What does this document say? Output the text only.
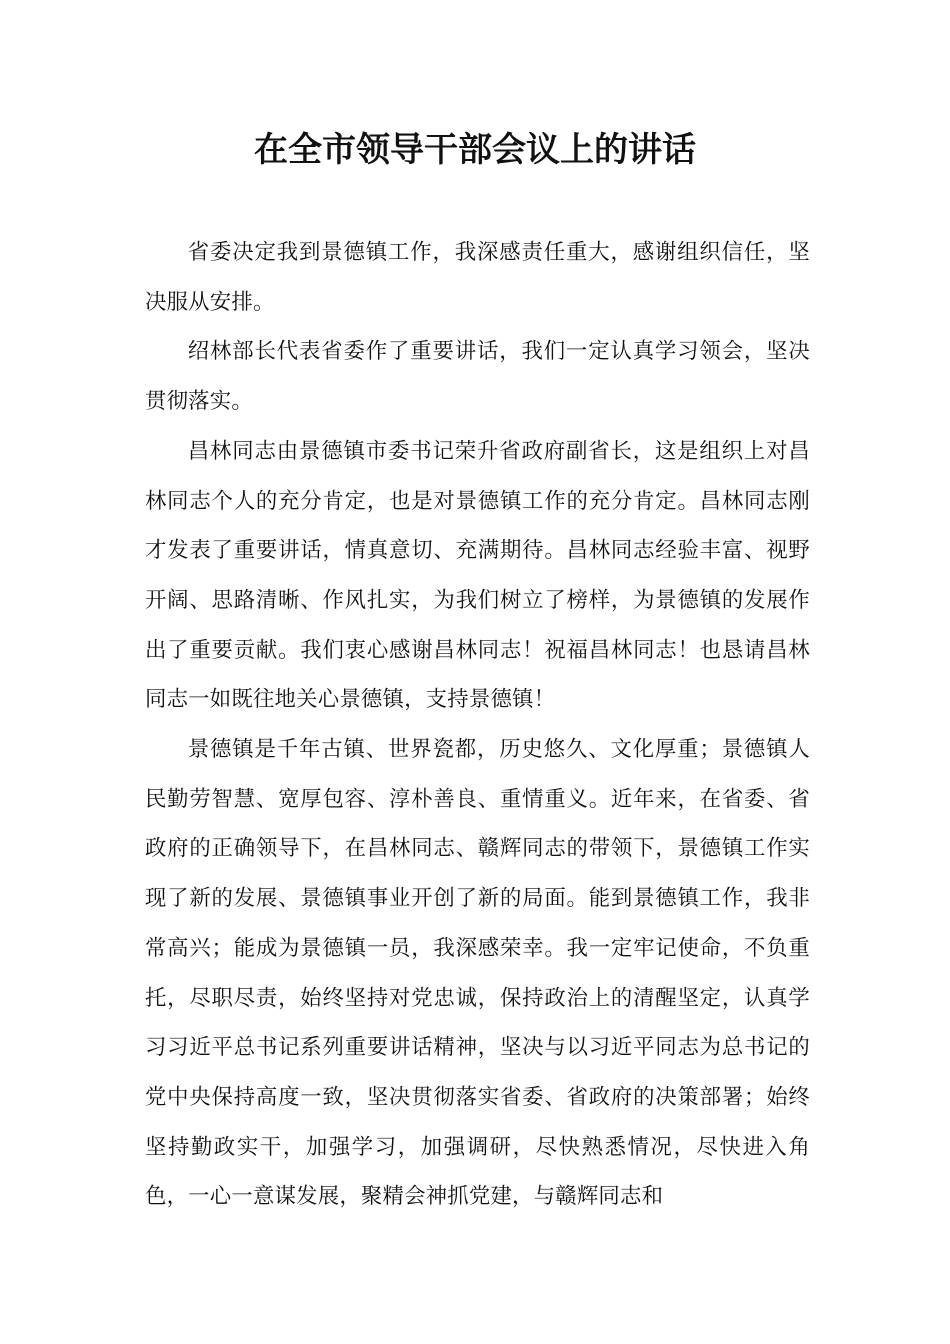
在全市领导干部会议上的讲话

省委决定我到景德镇工作，我深感责任重大，感谢组织信任，坚决服从安排。

绍林部长代表省委作了重要讲话，我们一定认真学习领会，坚决贯彻落实。

昌林同志由景德镇市委书记荣升省政府副省长，这是组织上对昌林同志个人的充分肯定，也是对景德镇工作的充分肯定。昌林同志刚才发表了重要讲话，情真意切、充满期待。昌林同志经验丰富、视野开阔、思路清晰、作风扎实，为我们树立了榜样，为景德镇的发展作出了重要贡献。我们衷心感谢昌林同志！祝福昌林同志！也恳请昌林同志一如既往地关心景德镇，支持景德镇！

景德镇是千年古镇、世界瓷都，历史悠久、文化厚重；景德镇人民勤劳智慧、宽厚包容、淳朴善良、重情重义。近年来，在省委、省政府的正确领导下，在昌林同志、赣辉同志的带领下，景德镇工作实现了新的发展、景德镇事业开创了新的局面。能到景德镇工作，我非常高兴；能成为景德镇一员，我深感荣幸。我一定牢记使命，不负重托，尽职尽责，始终坚持对党忠诚，保持政治上的清醒坚定，认真学习习近平总书记系列重要讲话精神，坚决与以习近平同志为总书记的党中央保持高度一致，坚决贯彻落实省委、省政府的决策部署；始终坚持勤政实干，加强学习，加强调研，尽快熟悉情况，尽快进入角色，一心一意谋发展，聚精会神抓党建，与赣辉同志和
